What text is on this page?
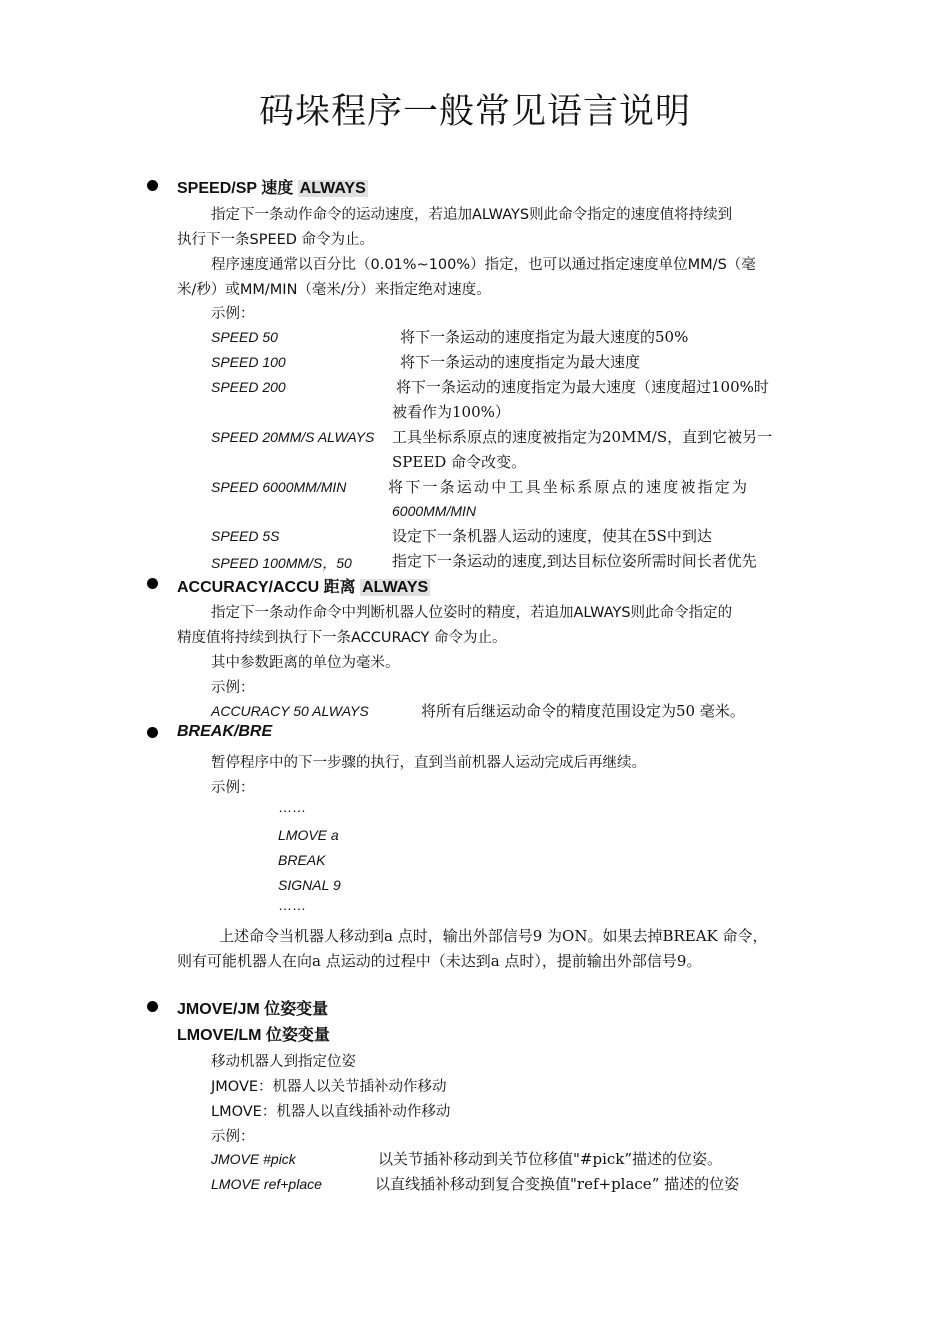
码垛程序一般常见语言说明
SPEED/SP 速度 ALWAYS
指定下一条动作命令的运动速度，若追加ALWAYS则此命令指定的速度值将持续到
执行下一条SPEED 命令为止。
程序速度通常以百分比（0.01%~100%）指定，也可以通过指定速度单位MM/S（毫
米/秒）或MM/MIN（毫米/分）来指定绝对速度。
示例：
SPEED 50	将下一条运动的速度指定为最大速度的50%
SPEED 100	将下一条运动的速度指定为最大速度
SPEED 200	将下一条运动的速度指定为最大速度（速度超过100%时
被看作为100%）
SPEED 20MM/S ALWAYS 工具坐标系原点的速度被指定为20MM/S，直到它被另一
SPEED 命令改变。
SPEED 6000MM/MIN	将下一条运动中工具坐标系原点的速度被指定为
6000MM/MIN
SPEED 5S	设定下一条机器人运动的速度，使其在5S中到达
SPEED 100MM/S，50	指定下一条运动的速度,到达目标位姿所需时间长者优先
ACCURACY/ACCU 距离 ALWAYS
指定下一条动作命令中判断机器人位姿时的精度，若追加ALWAYS则此命令指定的
精度值将持续到执行下一条ACCURACY 命令为止。
其中参数距离的单位为毫米。
示例：
ACCURACY 50 ALWAYS	将所有后继运动命令的精度范围设定为50 毫米。
BREAK/BRE
暂停程序中的下一步骤的执行，直到当前机器人运动完成后再继续。
示例：
……
LMOVE a
BREAK
SIGNAL 9
……
上述命令当机器人移动到a 点时，输出外部信号9 为ON。如果去掉BREAK 命令，
则有可能机器人在向a 点运动的过程中（未达到a 点时），提前输出外部信号9。
JMOVE/JM 位姿变量
LMOVE/LM 位姿变量
移动机器人到指定位姿
JMOVE：机器人以关节插补动作移动
LMOVE：机器人以直线插补动作移动
示例：
JMOVE #pick	以关节插补移动到关节位移值"#pick”描述的位姿。
LMOVE ref+place	以直线插补移动到复合变换值"ref+place” 描述的位姿
